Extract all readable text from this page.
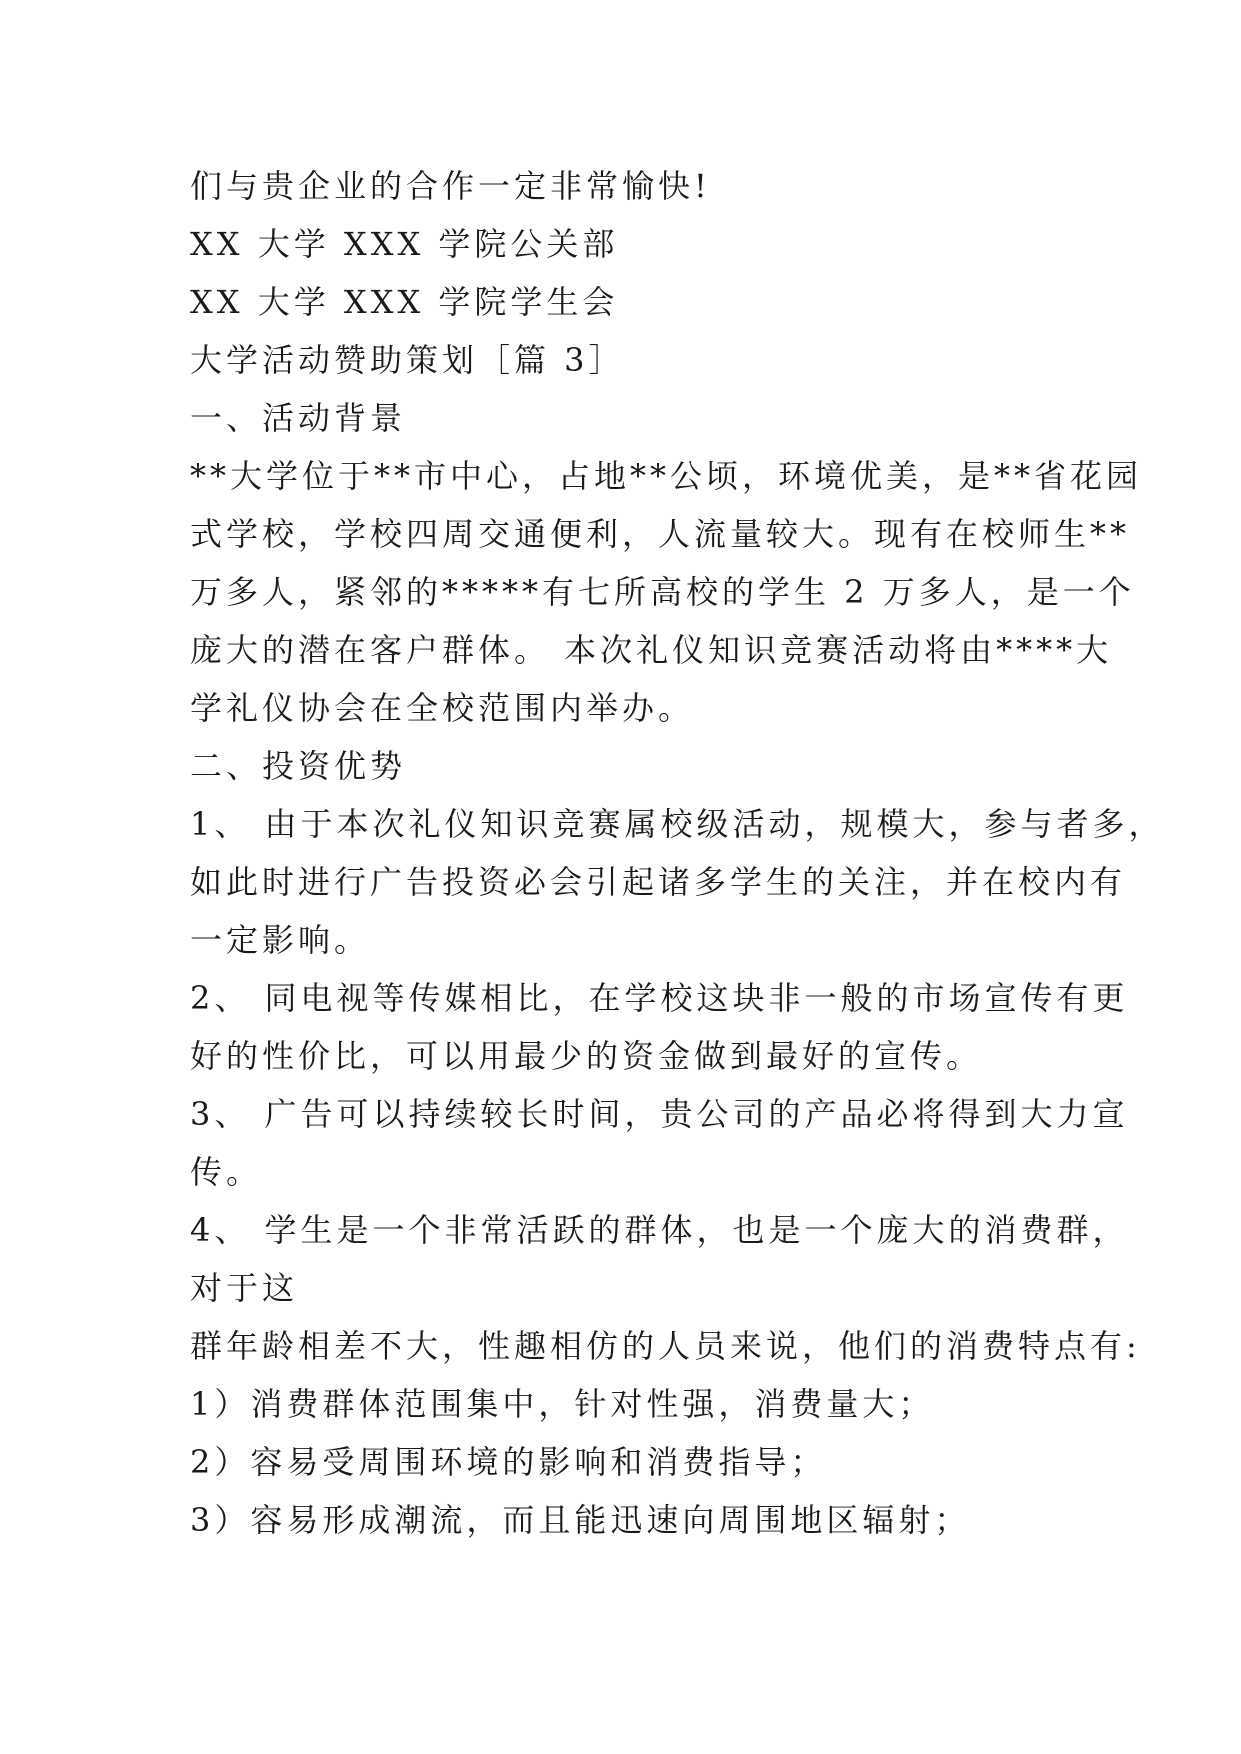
们与贵企业的合作一定非常愉快!
XX 大学 XXX 学院公关部
XX 大学 XXX 学院学生会
大学活动赞助策划［篇 3］
一、活动背景
**大学位于**市中心，占地**公顷，环境优美，是**省花园
式学校，学校四周交通便利，人流量较大。现有在校师生**
万多人，紧邻的*****有七所高校的学生 2 万多人，是一个
庞大的潜在客户群体。 本次礼仪知识竞赛活动将由****大
学礼仪协会在全校范围内举办。
二、投资优势
1、 由于本次礼仪知识竞赛属校级活动，规模大，参与者多，
如此时进行广告投资必会引起诸多学生的关注，并在校内有
一定影响。
2、 同电视等传媒相比，在学校这块非一般的市场宣传有更
好的性价比，可以用最少的资金做到最好的宣传。
3、 广告可以持续较长时间，贵公司的产品必将得到大力宣
传。
4、 学生是一个非常活跃的群体，也是一个庞大的消费群，
对于这
群年龄相差不大，性趣相仿的人员来说，他们的消费特点有:
1）消费群体范围集中，针对性强，消费量大；
2）容易受周围环境的影响和消费指导；
3）容易形成潮流，而且能迅速向周围地区辐射；
